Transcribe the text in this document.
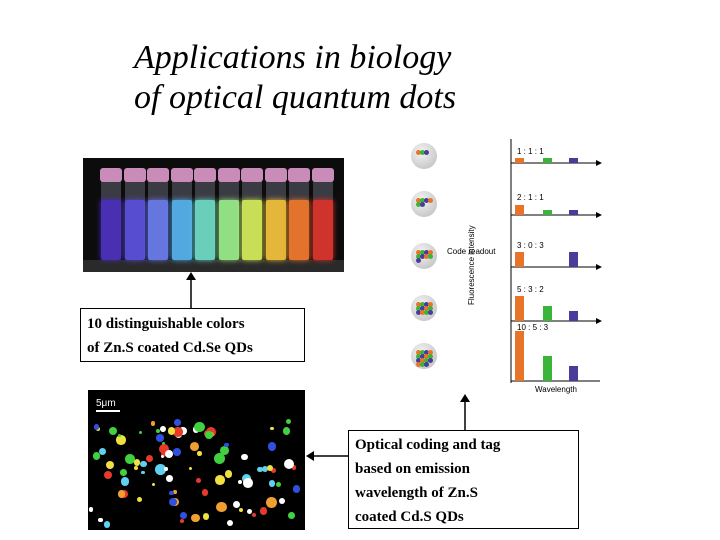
Applications in biology
of optical quantum dots
10 distinguishable colors
of Zn.S coated Cd.Se QDs
5μm
Optical coding and tag
based on emission
wavelength of Zn.S
coated Cd.S QDs
Code readout
Fluorescence intensity
Wavelength
1 : 1 : 1
2 : 1 : 1
3 : 0 : 3
5 : 3 : 2
10 : 5 : 3
